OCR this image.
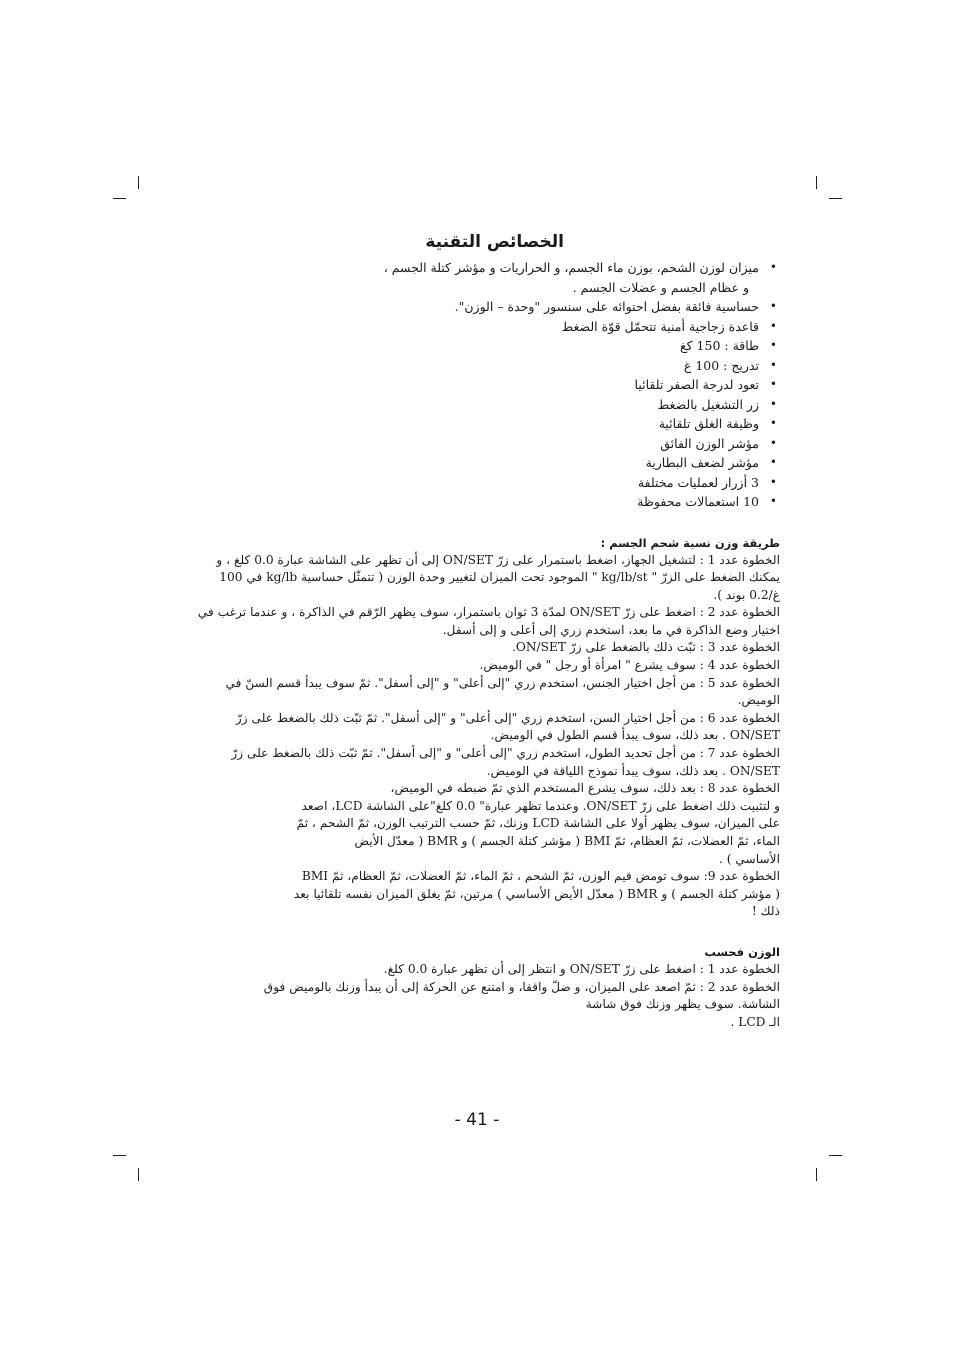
الخصائص التقنية
• ميزان لوزن الشحم، بوزن ماء الجسم، و الحراريات و مؤشر كتلة الجسم ،
و عظام الجسم و عضلات الجسم .
• حساسية فائقة بفضل احتوائه على سنسور "وحدة – الوزن".
• قاعدة زجاجية أمنية تتحمّل قوّة الضغط
• طاقة : 150 كغ
• تدريج : 100 غ
• تعود لدرجة الصفر تلقائيا
• زر التشغيل بالضغط
• وظيفة الغلق تلقائية
• مؤشر الوزن الفائق
• مؤشر لضعف البطارية
• 3 أزرار لعمليات مختلفة
• 10 استعمالات محفوظة
طريقة وزن نسبة شحم الجسم :

الخطوة عدد 1 : لتشغيل الجهاز، اضغط باستمرار على زرّ ON/SET إلى أن تظهر على الشاشة عبارة 0.0 كلغ ، و

يمكنك الضغط على الزرّ " kg/lb/st " الموجود تحت الميزان لتغيير وحدة الوزن ( تتمثّل حساسية kg/lb في 100

غ/0.2 بوند ).

الخطوة عدد 2 : اضغط على زرّ ON/SET لمدّة 3 ثوان باستمرار، سوف يظهر الرّقم في الذاكرة ، و عندما ترغب في

اختيار وضع الذاكرة في ما بعد، استخدم زري إلى أعلى و إلى أسفل.

الخطوة عدد 3 : ثبّت ذلك بالضغط على زرّ ON/SET.

الخطوة عدد 4 : سوف يشرع " امرأة أو رجل " في الوميض.

الخطوة عدد 5 : من أجل اختيار الجنس، استخدم زري "إلى أعلى" و "إلى أسفل". ثمّ سوف يبدأ قسم السنّ في الوميض.

الخطوة عدد 6 : من أجل اختيار السن، استخدم زري "إلى أعلى" و "إلى أسفل". ثمّ ثبّت ذلك بالضغط على زرّ

ON/SET . بعد ذلك، سوف يبدأ قسم الطول في الوميض.

الخطوة عدد 7 : من أجل تحديد الطول، استخدم زري "إلى أعلى" و "إلى أسفل". ثمّ ثبّت ذلك بالضغط على زرّ

ON/SET . بعد ذلك، سوف يبدأ نموذج اللياقة في الوميض.

الخطوة عدد 8 : بعد ذلك، سوف يشرع المستخدم الذي تمّ ضبطه في الوميض،

و لتثبيت ذلك اضغط على زرّ ON/SET. وعندما تظهر عبارة" 0.0 كلغ"على الشاشة LCD، اصعد

على الميزان، سوف يظهر أولا على الشاشة LCD وزنك، ثمّ حسب الترتيب الوزن، ثمّ الشحم ، ثمّ

الماء، ثمّ العضلات، ثمّ العظام، ثمّ BMI ( مؤشر كتلة الجسم ) و BMR ( معدّل الأيض

الأساسي ) .

الخطوة عدد 9: سوف تومض قيم الوزن، ثمّ الشحم ، ثمّ الماء، ثمّ العضلات، ثمّ العظام، ثمّ BMI

( مؤشر كتلة الجسم ) و BMR ( معدّل الأيض الأساسي ) مرتين، ثمّ يغلق الميزان نفسه تلقائيا بعد

ذلك !

الوزن فحسب

الخطوة عدد 1 : اضغط على زرّ ON/SET و انتظر إلى أن تظهر عبارة 0.0 كلغ.

الخطوة عدد 2 : ثمّ اصعد على الميزان، و ضلّ واقفا، و امتنع عن الحركة إلى أن يبدأ وزنك بالوميض فوق

الشاشة. سوف يظهر وزنك فوق شاشة

الـ LCD .

- 41 -
